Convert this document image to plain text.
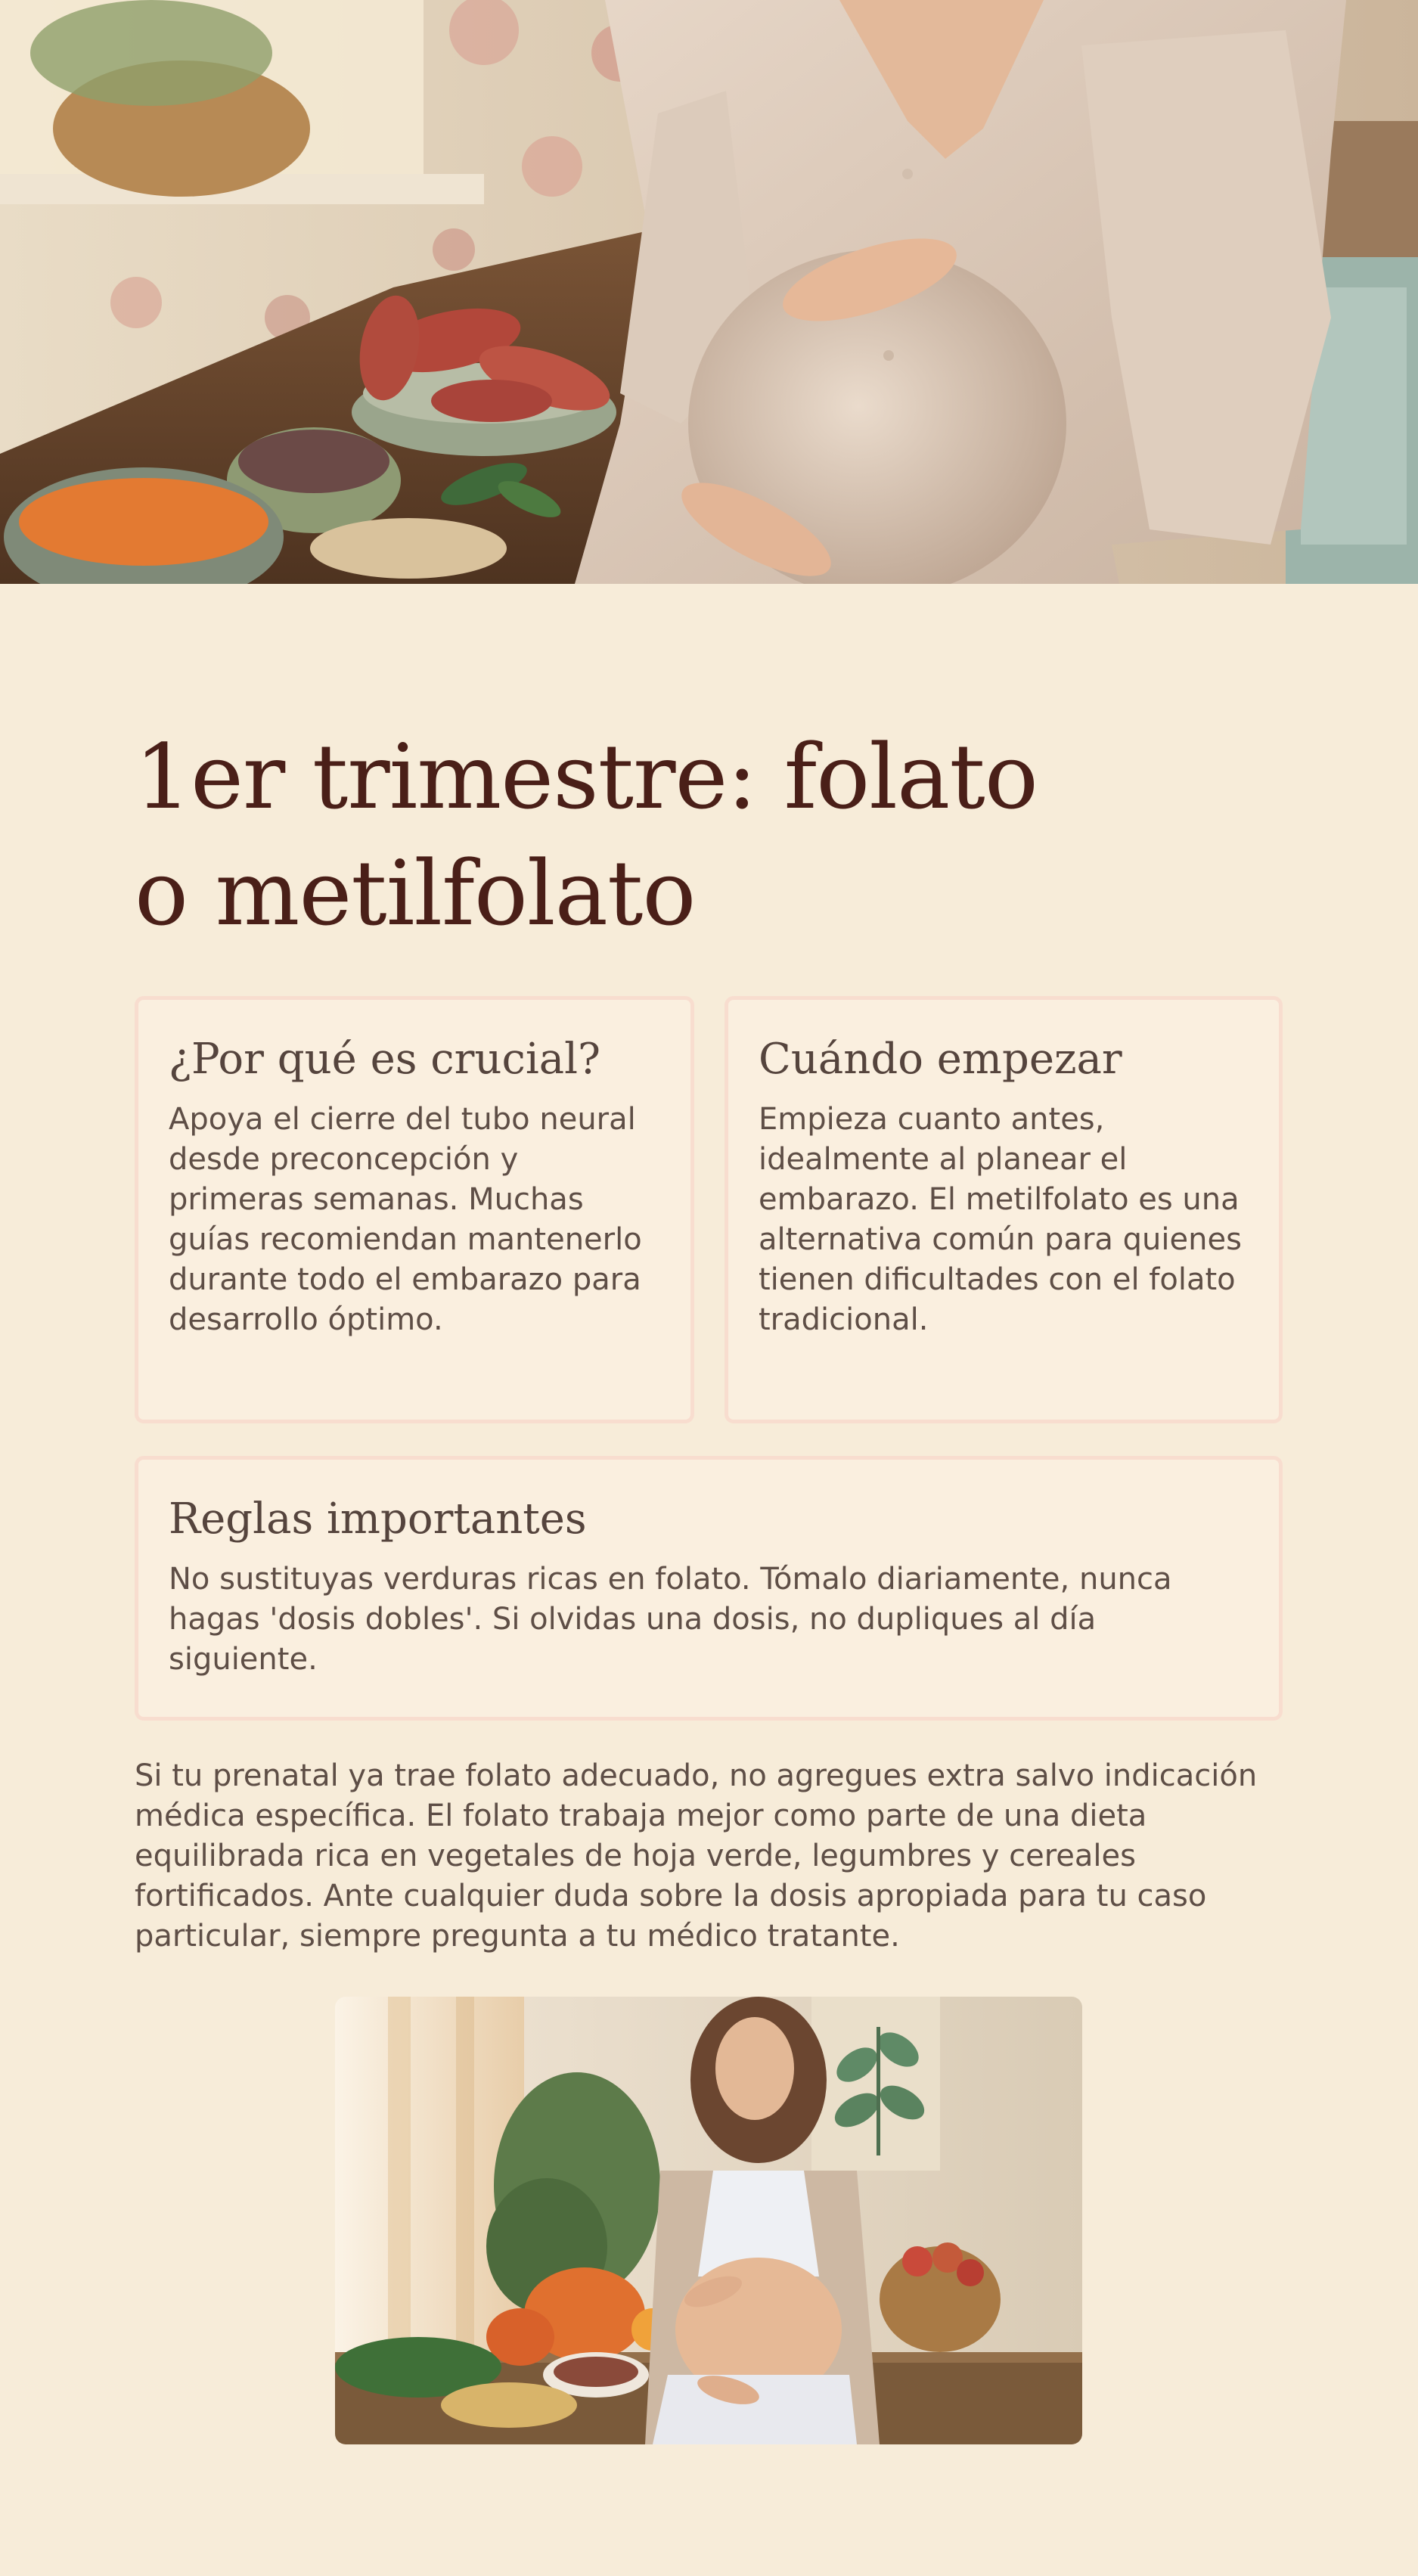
1er trimestre: folato o metilfolato
¿Por qué es crucial?

Apoya el cierre del tubo neural desde preconcepción y primeras semanas. Muchas guías recomiendan mantenerlo durante todo el embarazo para desarrollo óptimo.

Cuándo empezar

Empieza cuanto antes, idealmente al planear el embarazo. El metilfolato es una alternativa común para quienes tienen dificultades con el folato tradicional.

Reglas importantes

No sustituyas verduras ricas en folato. Tómalo diariamente, nunca hagas 'dosis dobles'. Si olvidas una dosis, no dupliques al día siguiente.

Si tu prenatal ya trae folato adecuado, no agregues extra salvo indicación médica específica. El folato trabaja mejor como parte de una dieta equilibrada rica en vegetales de hoja verde, legumbres y cereales fortificados. Ante cualquier duda sobre la dosis apropiada para tu caso particular, siempre pregunta a tu médico tratante.
